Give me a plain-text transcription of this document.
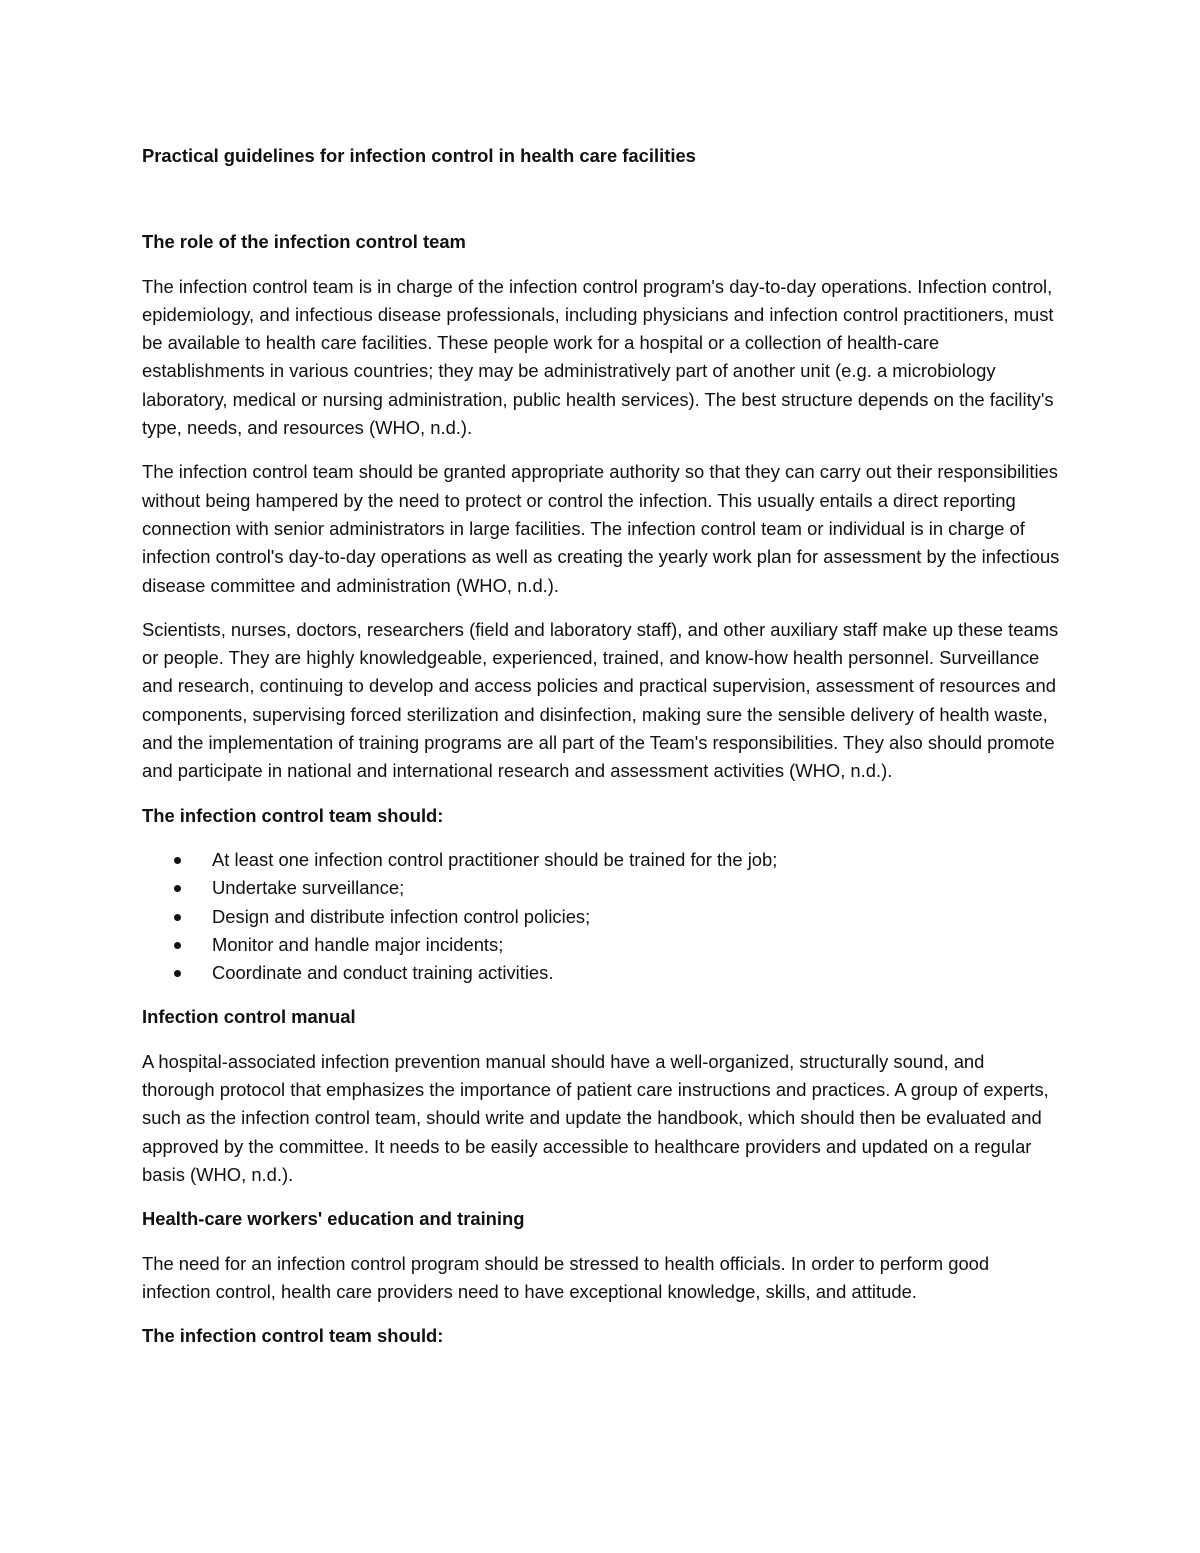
Practical guidelines for infection control in health care facilities
The role of the infection control team

The infection control team is in charge of the infection control program's day-to-day operations. Infection control, epidemiology, and infectious disease professionals, including physicians and infection control practitioners, must be available to health care facilities. These people work for a hospital or a collection of health-care establishments in various countries; they may be administratively part of another unit (e.g. a microbiology laboratory, medical or nursing administration, public health services). The best structure depends on the facility's type, needs, and resources (WHO, n.d.).

The infection control team should be granted appropriate authority so that they can carry out their responsibilities without being hampered by the need to protect or control the infection. This usually entails a direct reporting connection with senior administrators in large facilities. The infection control team or individual is in charge of infection control's day-to-day operations as well as creating the yearly work plan for assessment by the infectious disease committee and administration (WHO, n.d.).

Scientists, nurses, doctors, researchers (field and laboratory staff), and other auxiliary staff make up these teams or people. They are highly knowledgeable, experienced, trained, and know-how health personnel. Surveillance and research, continuing to develop and access policies and practical supervision, assessment of resources and components, supervising forced sterilization and disinfection, making sure the sensible delivery of health waste, and the implementation of training programs are all part of the Team's responsibilities. They also should promote and participate in national and international research and assessment activities (WHO, n.d.).

The infection control team should:
At least one infection control practitioner should be trained for the job;
Undertake surveillance;
Design and distribute infection control policies;
Monitor and handle major incidents;
Coordinate and conduct training activities.
Infection control manual

A hospital-associated infection prevention manual should have a well-organized, structurally sound, and thorough protocol that emphasizes the importance of patient care instructions and practices. A group of experts, such as the infection control team, should write and update the handbook, which should then be evaluated and approved by the committee. It needs to be easily accessible to healthcare providers and updated on a regular basis (WHO, n.d.).

Health-care workers' education and training

The need for an infection control program should be stressed to health officials. In order to perform good infection control, health care providers need to have exceptional knowledge, skills, and attitude.

The infection control team should:
